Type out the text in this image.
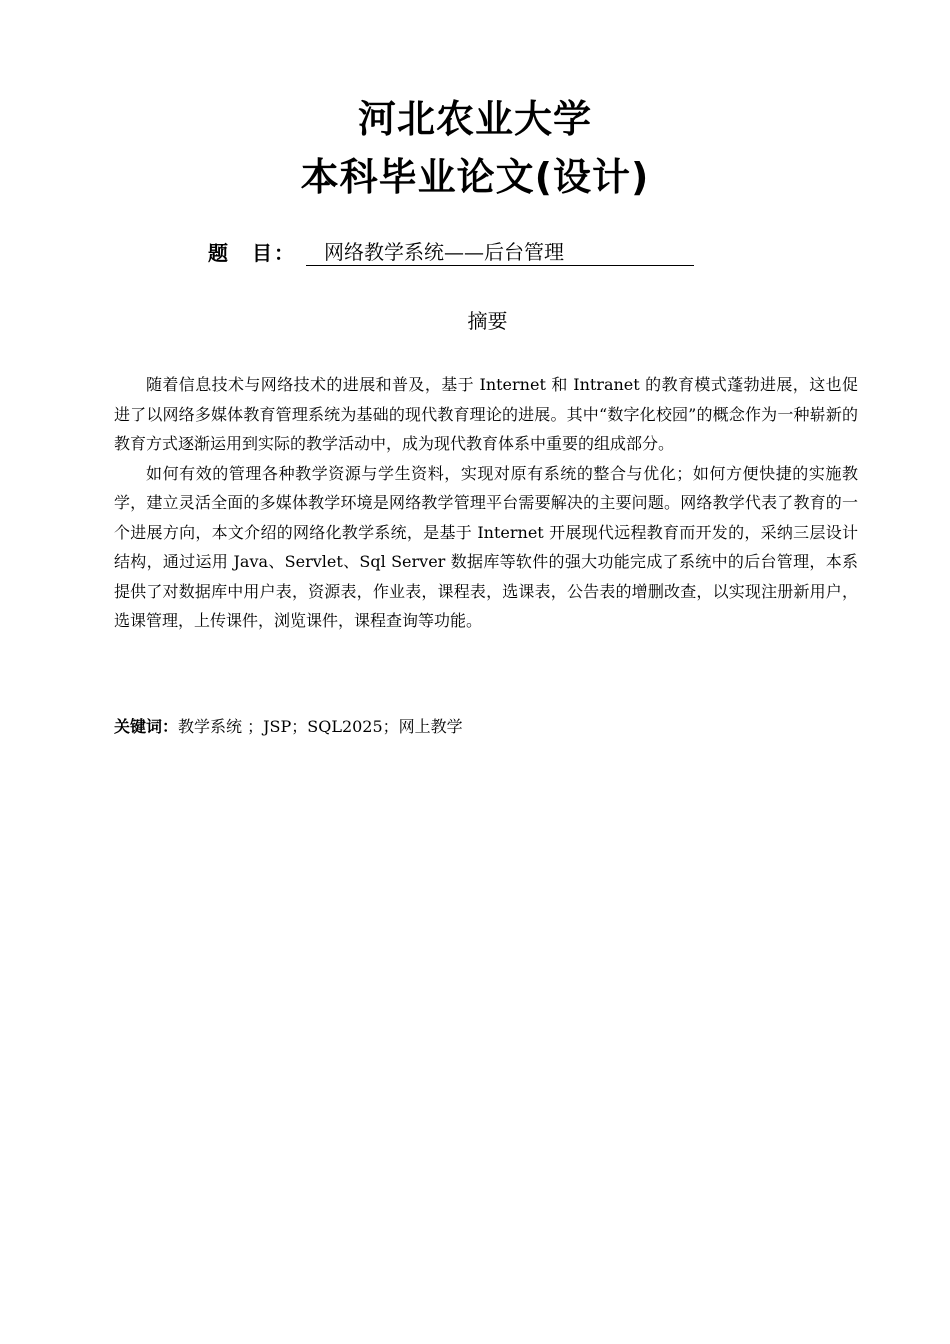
河北农业大学
本科毕业论文(设计)
题　目：	网络教学系统——后台管理
摘要

随着信息技术与网络技术的进展和普及，基于 Internet 和 Intranet 的教育模式蓬勃进展，这也促进了以网络多媒体教育管理系统为基础的现代教育理论的进展。其中“数字化校园”的概念作为一种崭新的教育方式逐渐运用到实际的教学活动中，成为现代教育体系中重要的组成部分。

如何有效的管理各种教学资源与学生资料，实现对原有系统的整合与优化；如何方便快捷的实施教学，建立灵活全面的多媒体教学环境是网络教学管理平台需要解决的主要问题。网络教学代表了教育的一个进展方向，本文介绍的网络化教学系统，是基于 Internet 开展现代远程教育而开发的，采纳三层设计结构，通过运用 Java、Servlet、Sql Server 数据库等软件的强大功能完成了系统中的后台管理，本系提供了对数据库中用户表，资源表，作业表，课程表，选课表，公告表的增删改查，以实现注册新用户，选课管理，上传课件，浏览课件，课程查询等功能。

关键词：教学系统 ；JSP；SQL2025；网上教学
